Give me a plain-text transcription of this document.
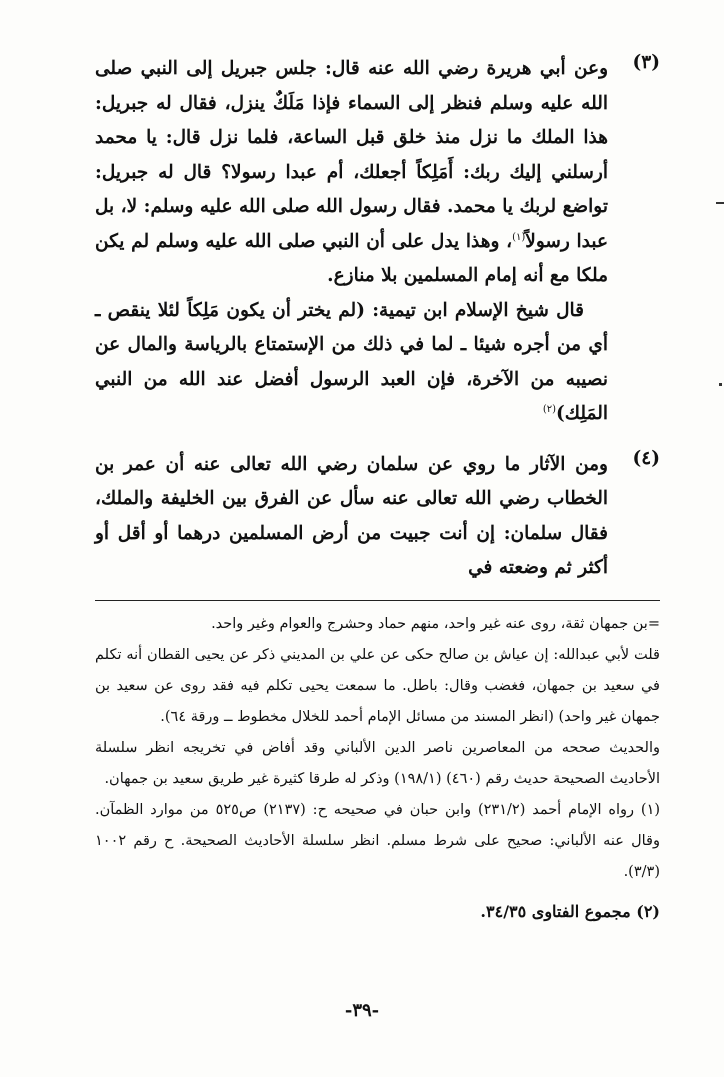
(٣)

وعن أبي هريرة رضي الله عنه قال: جلس جبريل إلى النبي صلى الله عليه وسلم فنظر إلى السماء فإذا مَلَكٌ ينزل، فقال له جبريل: هذا الملك ما نزل منذ خلق قبل الساعة، فلما نزل قال: يا محمد أرسلني إليك ربك: أَمَلِكاً أجعلك، أم عبدا رسولا؟ قال له جبريل: تواضع لربك يا محمد. فقال رسول الله صلى الله عليه وسلم: لا، بل عبدا رسولاً$^{(١)}$، وهذا يدل على أن النبي صلى الله عليه وسلم لم يكن ملكا مع أنه إمام المسلمين بلا منازع.

قال شيخ الإسلام ابن تيمية: (لم يختر أن يكون مَلِكاً لئلا ينقص ـ أي من أجره شيئا ـ لما في ذلك من الإستمتاع بالرياسة والمال عن نصيبه من الآخرة، فإن العبد الرسول أفضل عند الله من النبي المَلِك)$^{(٢)}$

(٤)

ومن الآثار ما روي عن سلمان رضي الله تعالى عنه أن عمر بن الخطاب رضي الله تعالى عنه سأل عن الفرق بين الخليفة والملك، فقال سلمان: إن أنت جبيت من أرض المسلمين درهما أو أقل أو أكثر ثم وضعته في

=بن جمهان ثقة، روى عنه غير واحد، منهم حماد وحشرج والعوام وغير واحد.

قلت لأبي عبدالله: إن عياش بن صالح حكى عن علي بن المديني ذكر عن يحيى القطان أنه تكلم في سعيد بن جمهان، فغضب وقال: باطل. ما سمعت يحيى تكلم فيه فقد روى عن سعيد بن جمهان غير واحد) (انظر المسند من مسائل الإمام أحمد للخلال مخطوط ــ ورقة ٦٤).

والحديث صححه من المعاصرين ناصر الدين الألباني وقد أفاض في تخريجه انظر سلسلة الأحاديث الصحيحة حديث رقم (٤٦٠) (١٩٨/١) وذكر له طرقا كثيرة غير طريق سعيد بن جمهان.

(١) رواه الإمام أحمد (٢٣١/٢) وابن حبان في صحيحه ح: (٢١٣٧) ص٥٢٥ من موارد الظمآن. وقال عنه الألباني: صحيح على شرط مسلم. انظر سلسلة الأحاديث الصحيحة. ح رقم ١٠٠٢ (٣/٣).

(٢) مجموع الفتاوى ٣٤/٣٥.

-٣٩-
